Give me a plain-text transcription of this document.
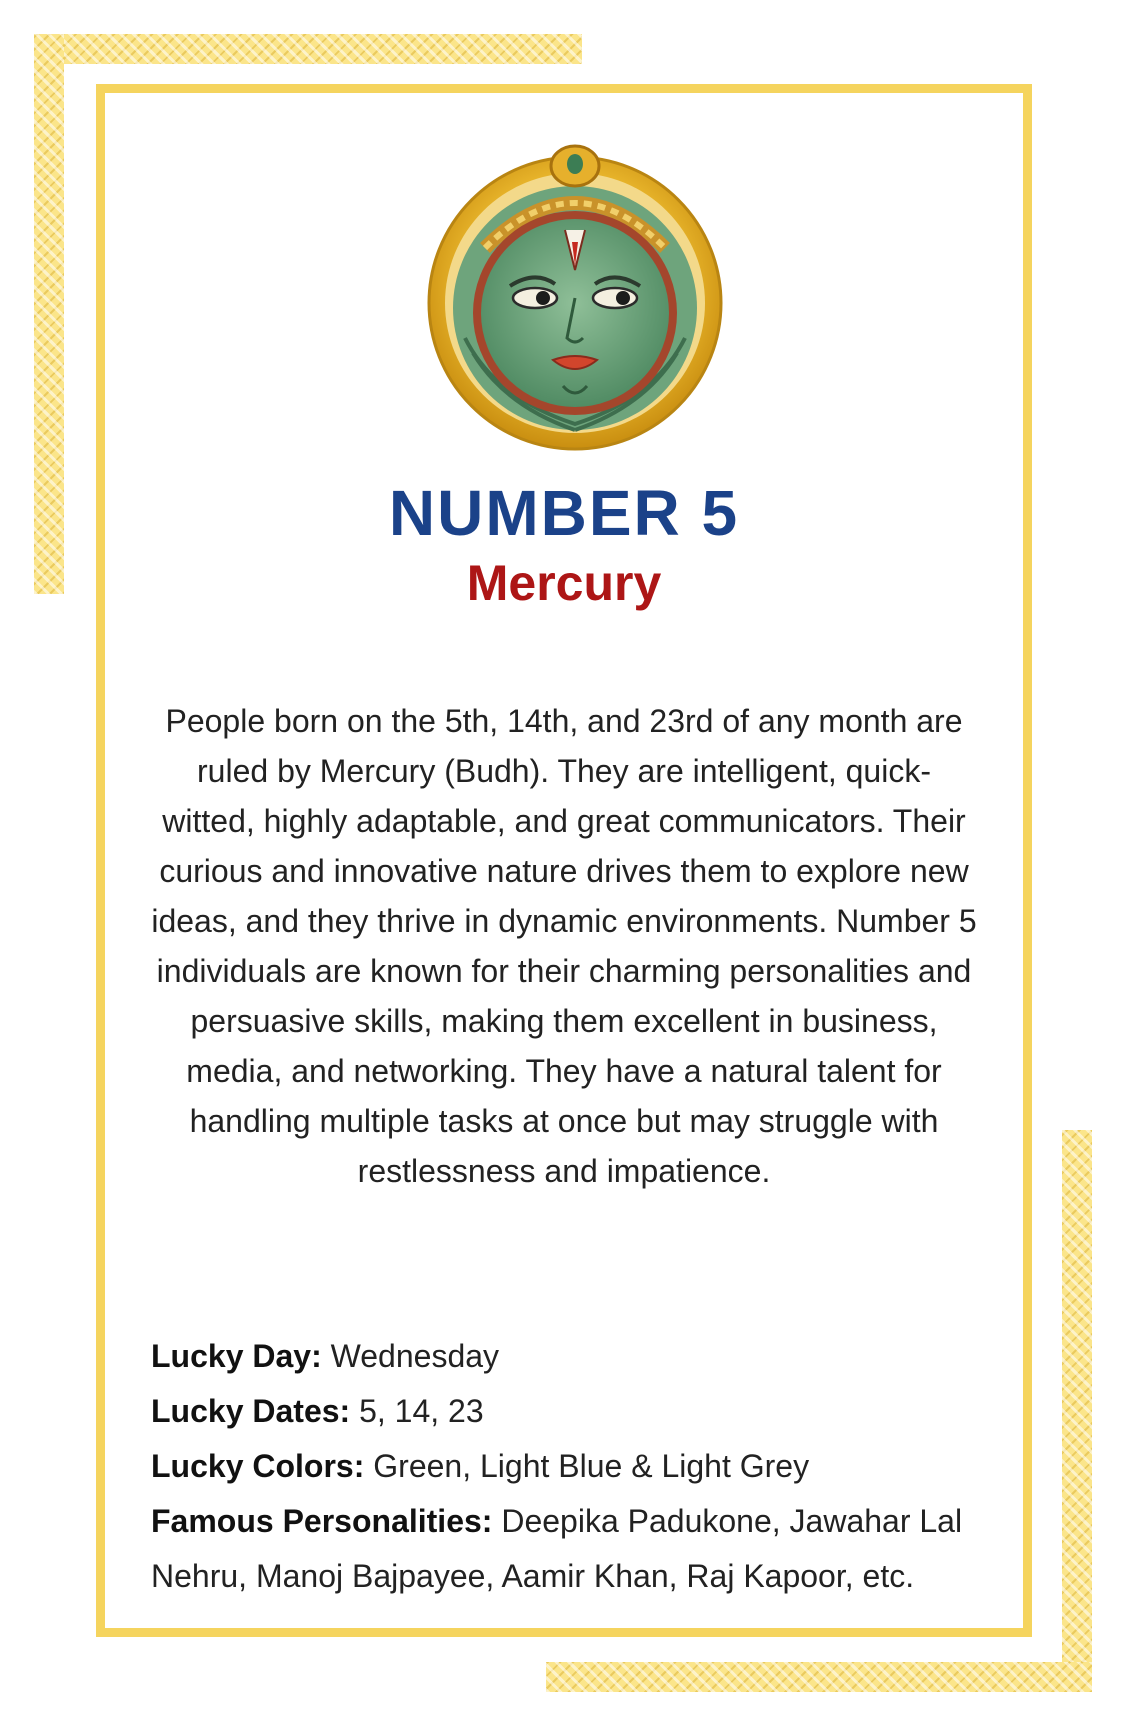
NUMBER 5
Mercury

People born on the 5th, 14th, and 23rd of any month are ruled by Mercury (Budh). They are intelligent, quick-witted, highly adaptable, and great communicators. Their curious and innovative nature drives them to explore new ideas, and they thrive in dynamic environments. Number 5 individuals are known for their charming personalities and persuasive skills, making them excellent in business, media, and networking. They have a natural talent for handling multiple tasks at once but may struggle with restlessness and impatience.

Lucky Day: Wednesday

Lucky Dates: 5, 14, 23

Lucky Colors: Green, Light Blue & Light Grey

Famous Personalities: Deepika Padukone, Jawahar Lal Nehru, Manoj Bajpayee, Aamir Khan, Raj Kapoor, etc.
